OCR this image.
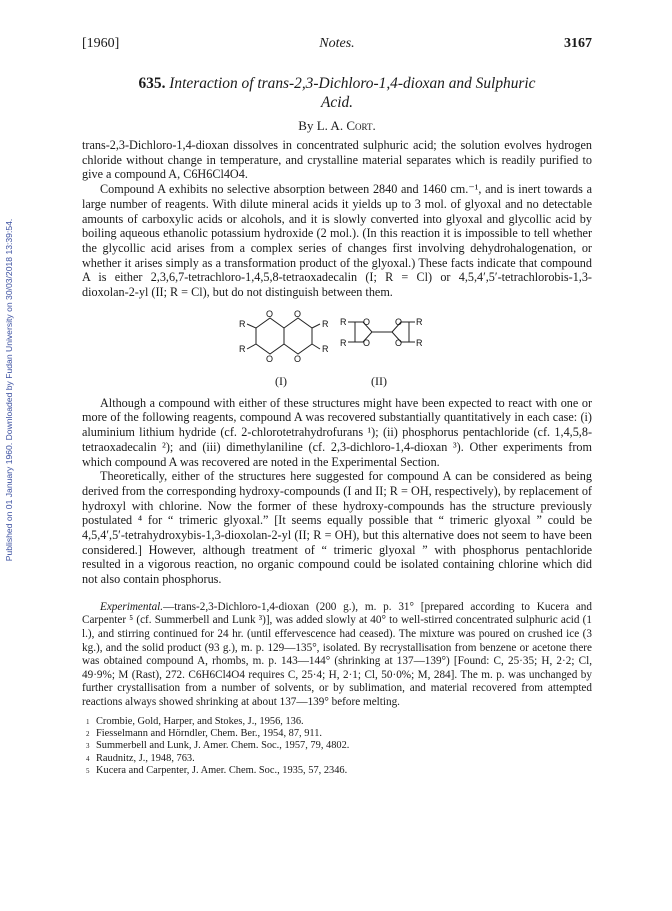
Published on 01 January 1960. Downloaded by Fudan University on 30/03/2018 13:39:54.
[1960]	Notes.	3167
635. Interaction of trans-2,3-Dichloro-1,4-dioxan and Sulphuric
Acid.
By L. A. Cort.

trans-2,3-Dichloro-1,4-dioxan dissolves in concentrated sulphuric acid; the solution evolves hydrogen chloride without change in temperature, and crystalline material separates which is readily purified to give a compound A, C6H6Cl4O4.

Compound A exhibits no selective absorption between 2840 and 1460 cm.⁻¹, and is inert towards a large number of reagents. With dilute mineral acids it yields up to 3 mol. of glyoxal and no detectable amounts of carboxylic acids or alcohols, and it is slowly converted into glyoxal and glycollic acid by boiling aqueous ethanolic potassium hydroxide (2 mol.). (In this reaction it is impossible to tell whether the glycollic acid arises from a complex series of changes first involving dehydrohalogenation, or whether it arises simply as a transformation product of the glyoxal.) These facts indicate that compound A is either 2,3,6,7-tetrachloro-1,4,5,8-tetraoxadecalin (I; R = Cl) or 4,5,4′,5′-tetrachlorobis-1,3-dioxolan-2-yl (II; R = Cl), but do not distinguish between them.

O O
O O
R
R
R
R
O
O
O
O
R
R
R
R
(I)	(II)

Although a compound with either of these structures might have been expected to react with one or more of the following reagents, compound A was recovered substantially quantitatively in each case: (i) aluminium lithium hydride (cf. 2-chlorotetrahydrofurans ¹); (ii) phosphorus pentachloride (cf. 1,4,5,8-tetraoxadecalin ²); and (iii) dimethylaniline (cf. 2,3-dichloro-1,4-dioxan ³). Other experiments from which compound A was recovered are noted in the Experimental Section.

Theoretically, either of the structures here suggested for compound A can be considered as being derived from the corresponding hydroxy-compounds (I and II; R = OH, respectively), by replacement of hydroxyl with chlorine. Now the former of these hydroxy-compounds has the structure previously postulated ⁴ for “ trimeric glyoxal.” [It seems equally possible that “ trimeric glyoxal ” could be 4,5,4′,5′-tetrahydroxybis-1,3-dioxolan-2-yl (II; R = OH), but this alternative does not seem to have been considered.] However, although treatment of “ trimeric glyoxal ” with phosphorus pentachloride resulted in a vigorous reaction, no organic compound could be isolated containing chlorine which did not also contain phosphorus.

Experimental.—trans-2,3-Dichloro-1,4-dioxan (200 g.), m. p. 31° [prepared according to Kucera and Carpenter ⁵ (cf. Summerbell and Lunk ³)], was added slowly at 40° to well-stirred concentrated sulphuric acid (1 l.), and stirring continued for 24 hr. (until effervescence had ceased). The mixture was poured on crushed ice (3 kg.), and the solid product (93 g.), m. p. 129—135°, isolated. By recrystallisation from benzene or acetone there was obtained compound A, rhombs, m. p. 143—144° (shrinking at 137—139°) [Found: C, 25·35; H, 2·2; Cl, 49·9%; M (Rast), 272. C6H6Cl4O4 requires C, 25·4; H, 2·1; Cl, 50·0%; M, 284]. The m. p. was unchanged by further crystallisation from a number of solvents, or by sublimation, and material recovered from attempted reactions always showed shrinking at about 137—139° before melting.

1 Crombie, Gold, Harper, and Stokes, J., 1956, 136.
2 Fiesselmann and Hörndler, Chem. Ber., 1954, 87, 911.
3 Summerbell and Lunk, J. Amer. Chem. Soc., 1957, 79, 4802.
4 Raudnitz, J., 1948, 763.
5 Kucera and Carpenter, J. Amer. Chem. Soc., 1935, 57, 2346.
